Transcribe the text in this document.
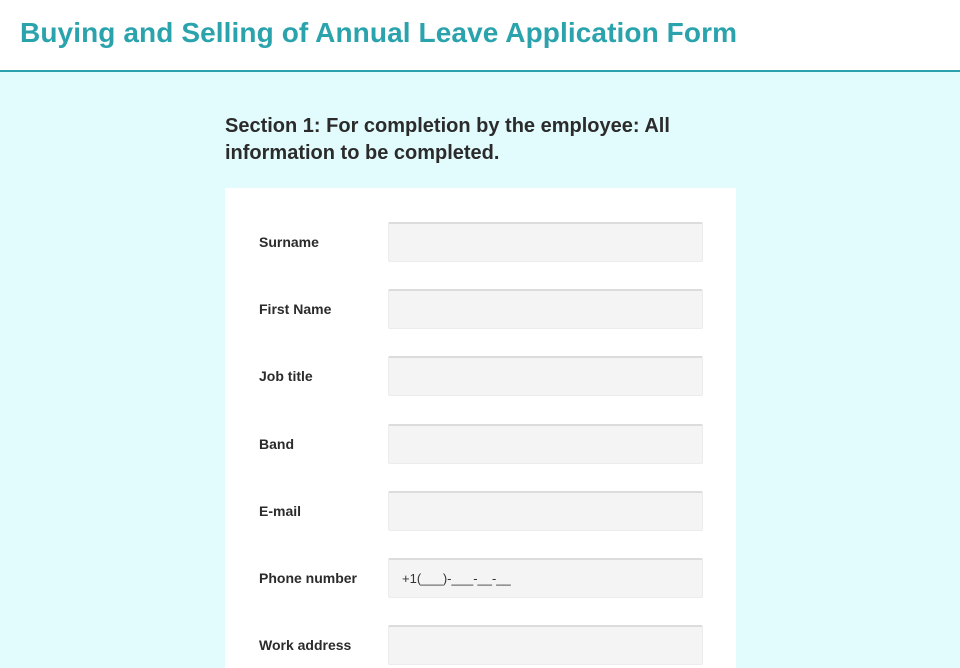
Buying and Selling of Annual Leave Application Form
Section 1: For completion by the employee: All information to be completed.
Surname
First Name
Job title
Band
E-mail
Phone number
+1(___)-___-__-__
Work address
